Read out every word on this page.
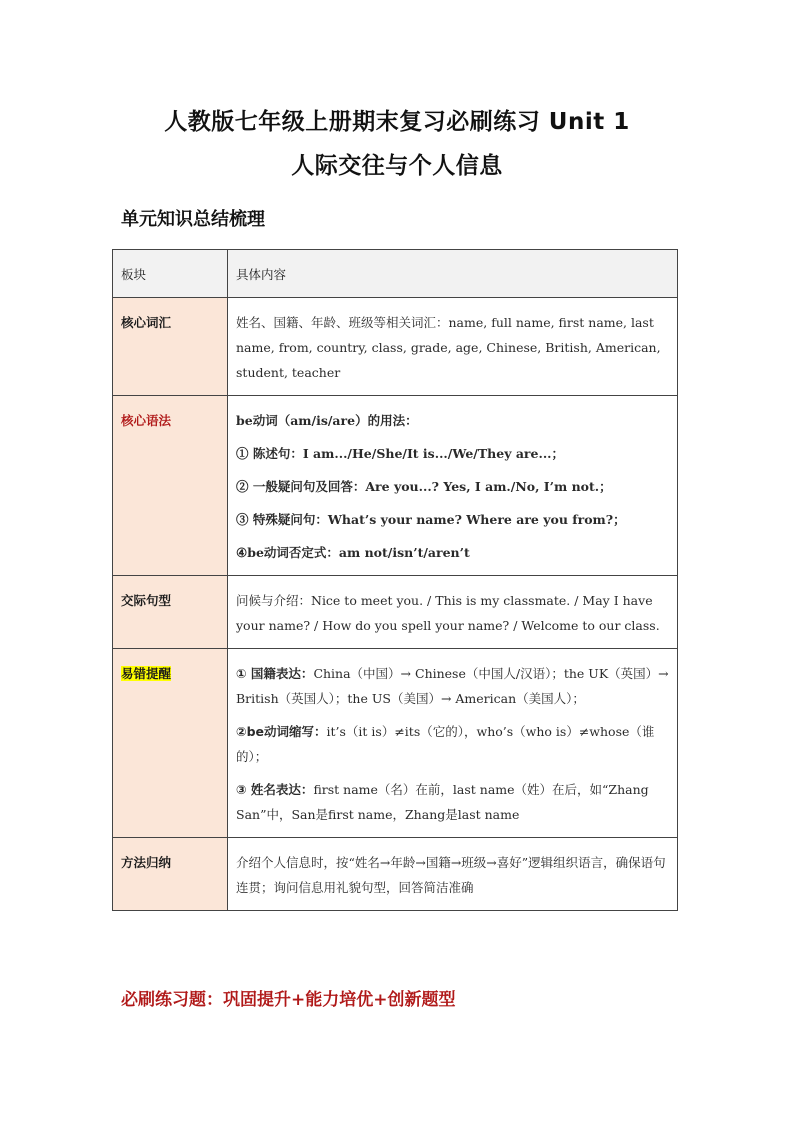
人教版七年级上册期末复习必刷练习 Unit 1
人际交往与个人信息
单元知识总结梳理
板块	具体内容
核心词汇	姓名、国籍、年龄、班级等相关词汇：name, full name, first name, last name, from, country, class, grade, age, Chinese, British, American, student, teacher
核心语法	be动词（am/is/are）的用法：

① 陈述句：I am.../He/She/It is.../We/They are...；

② 一般疑问句及回答：Are you...? Yes, I am./No, I’m not.；

③ 特殊疑问句：What’s your name? Where are you from?；

④be动词否定式：am not/isn’t/aren’t

交际句型	问候与介绍：Nice to meet you. / This is my classmate. / May I have your name? / How do you spell your name? / Welcome to our class.
易错提醒	① 国籍表达：China（中国）→ Chinese（中国人/汉语）；the UK（英国）→ British（英国人）；the US（美国）→ American（美国人）；

②be动词缩写：it’s（it is）≠its（它的），who’s（who is）≠whose（谁的）；

③ 姓名表达：first name（名）在前，last name（姓）在后，如“Zhang San”中，San是first name，Zhang是last name

方法归纳	介绍个人信息时，按“姓名→年龄→国籍→班级→喜好”逻辑组织语言，确保语句连贯；询问信息用礼貌句型，回答简洁准确
必刷练习题：巩固提升+能力培优+创新题型
